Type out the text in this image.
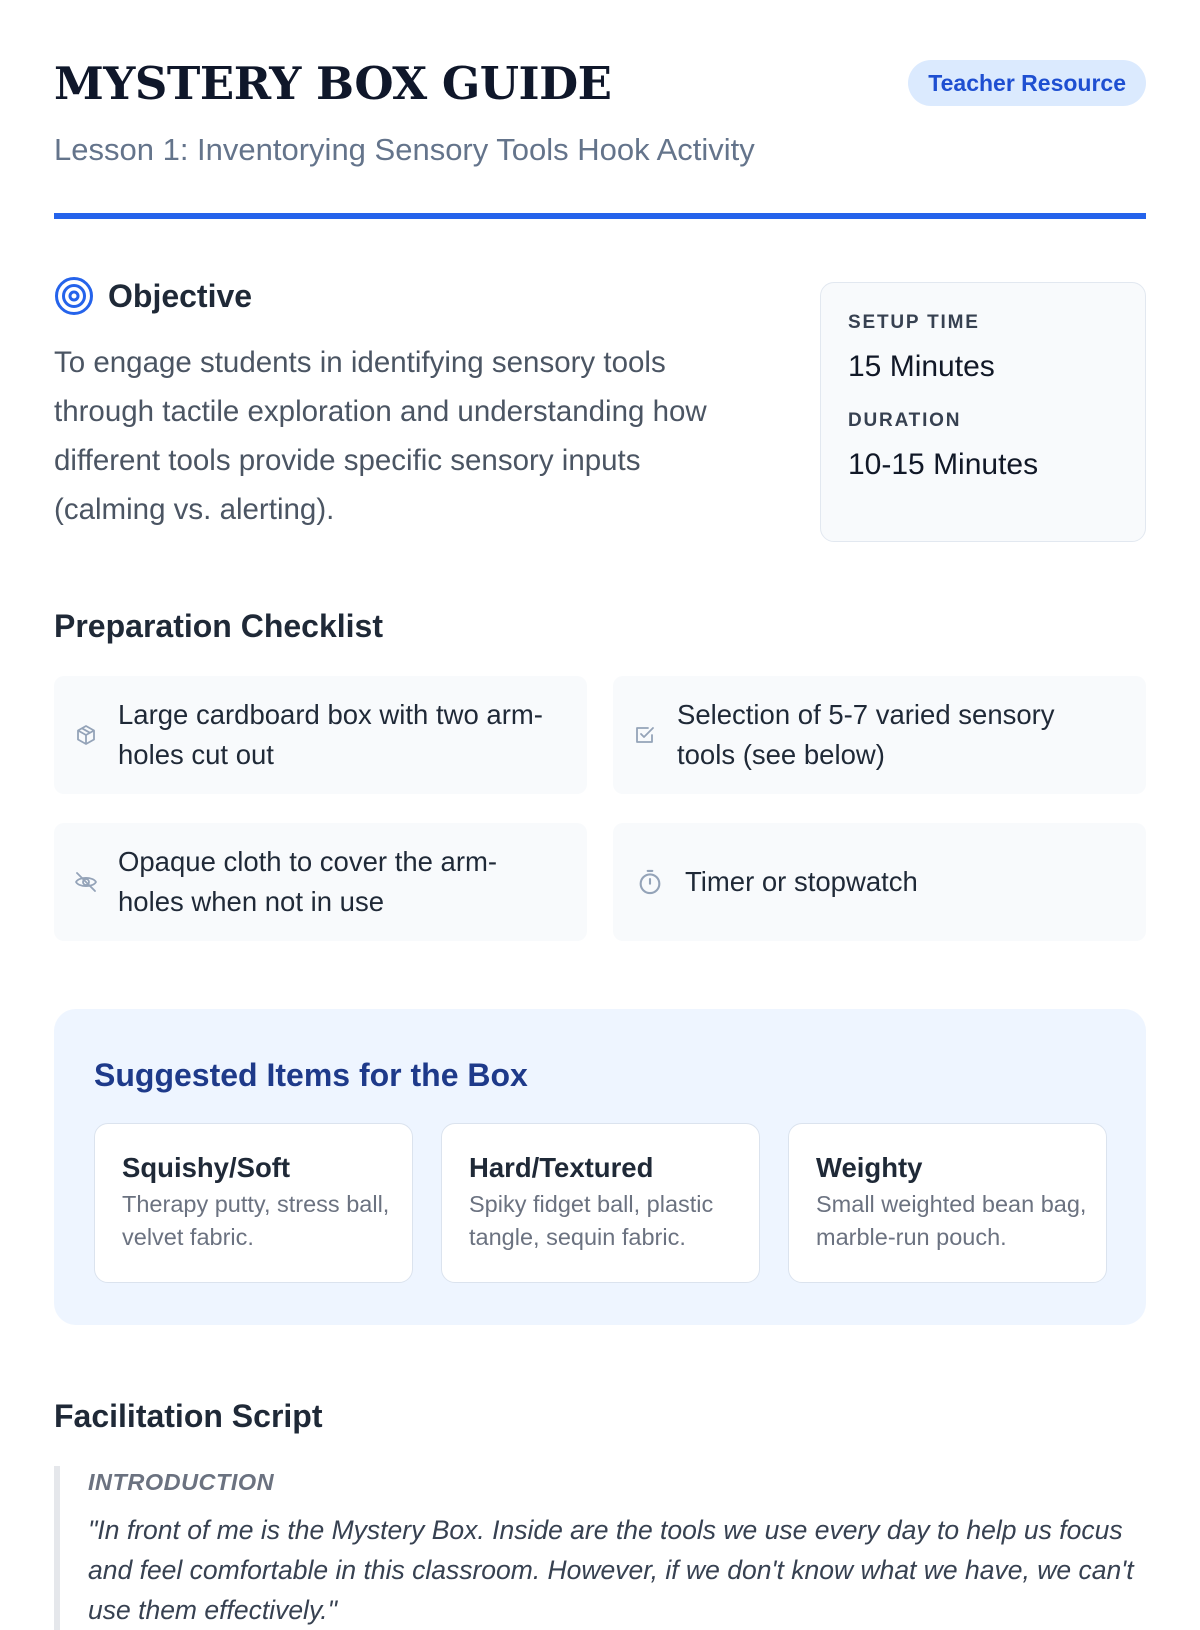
MYSTERY BOX GUIDE	Teacher Resource

Lesson 1: Inventorying Sensory Tools Hook Activity

Objective

To engage students in identifying sensory tools through tactile exploration and understanding how different tools provide specific sensory inputs (calming vs. alerting).

SETUP TIME
15 Minutes
DURATION
10-15 Minutes
Preparation Checklist
Large cardboard box with two arm-holes cut out
Selection of 5-7 varied sensory tools (see below)
Opaque cloth to cover the arm-holes when not in use
Timer or stopwatch
Suggested Items for the Box
Squishy/Soft
Therapy putty, stress ball, velvet fabric.
Hard/Textured
Spiky fidget ball, plastic tangle, sequin fabric.
Weighty
Small weighted bean bag, marble-run pouch.
Facilitation Script
INTRODUCTION
"In front of me is the Mystery Box. Inside are the tools we use every day to help us focus and feel comfortable in this classroom. However, if we don't know what we have, we can't use them effectively."
